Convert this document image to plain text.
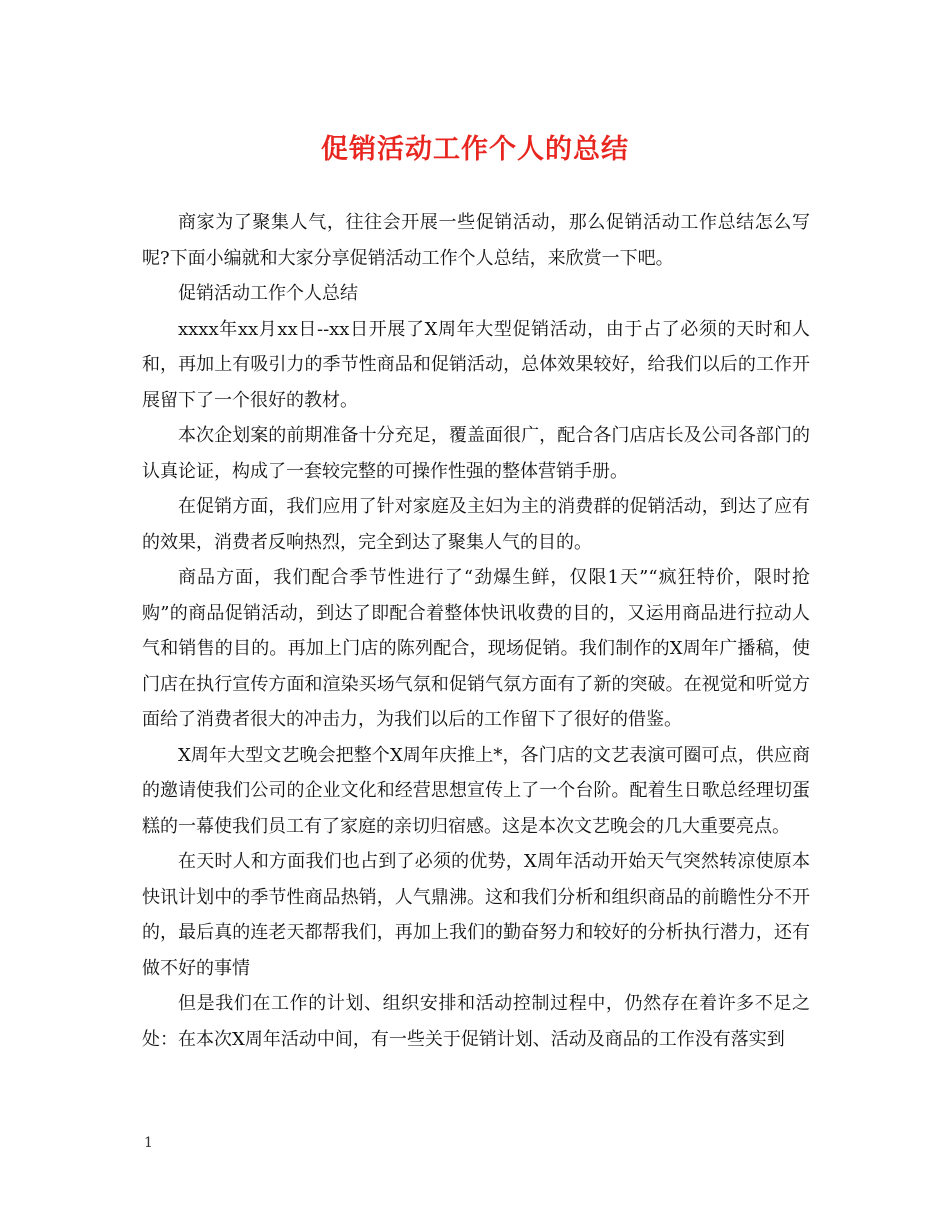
促销活动工作个人的总结

商家为了聚集人气，往往会开展一些促销活动，那么促销活动工作总结怎么写呢?下面小编就和大家分享促销活动工作个人总结，来欣赏一下吧。

促销活动工作个人总结

xxxx年xx月xx日--xx日开展了X周年大型促销活动，由于占了必须的天时和人和，再加上有吸引力的季节性商品和促销活动，总体效果较好，给我们以后的工作开展留下了一个很好的教材。

本次企划案的前期准备十分充足，覆盖面很广，配合各门店店长及公司各部门的认真论证，构成了一套较完整的可操作性强的整体营销手册。

在促销方面，我们应用了针对家庭及主妇为主的消费群的促销活动，到达了应有的效果，消费者反响热烈，完全到达了聚集人气的目的。

商品方面，我们配合季节性进行了“劲爆生鲜，仅限1天”“疯狂特价，限时抢购”的商品促销活动，到达了即配合着整体快讯收费的目的，又运用商品进行拉动人气和销售的目的。再加上门店的陈列配合，现场促销。我们制作的X周年广播稿，使门店在执行宣传方面和渲染买场气氛和促销气氛方面有了新的突破。在视觉和听觉方面给了消费者很大的冲击力，为我们以后的工作留下了很好的借鉴。

X周年大型文艺晚会把整个X周年庆推上*，各门店的文艺表演可圈可点，供应商的邀请使我们公司的企业文化和经营思想宣传上了一个台阶。配着生日歌总经理切蛋糕的一幕使我们员工有了家庭的亲切归宿感。这是本次文艺晚会的几大重要亮点。

在天时人和方面我们也占到了必须的优势，X周年活动开始天气突然转凉使原本快讯计划中的季节性商品热销，人气鼎沸。这和我们分析和组织商品的前瞻性分不开的，最后真的连老天都帮我们，再加上我们的勤奋努力和较好的分析执行潜力，还有做不好的事情

但是我们在工作的计划、组织安排和活动控制过程中，仍然存在着许多不足之处：在本次X周年活动中间，有一些关于促销计划、活动及商品的工作没有落实到

1
